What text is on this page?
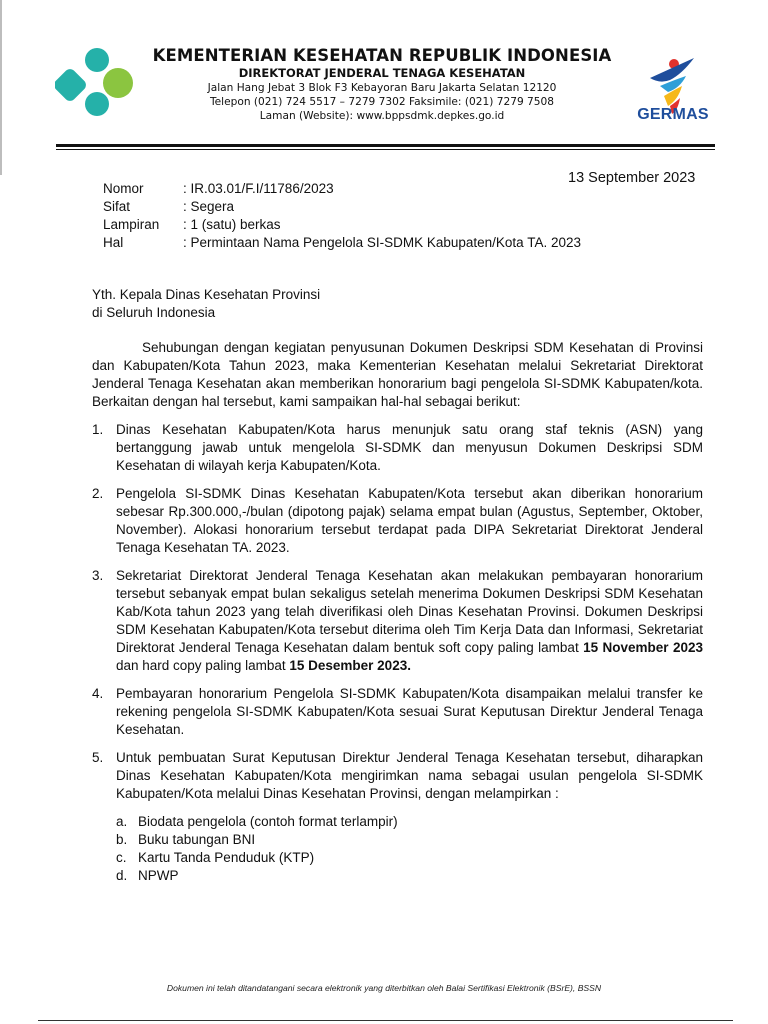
KEMENTERIAN KESEHATAN REPUBLIK INDONESIA
DIREKTORAT JENDERAL TENAGA KESEHATAN
Jalan Hang Jebat 3 Blok F3 Kebayoran Baru Jakarta Selatan 12120
Telepon (021) 724 5517 – 7279 7302 Faksimile: (021) 7279 7508
Laman (Website): www.bppsdmk.depkes.go.id	GERMAS
13 September 2023
Nomor	: IR.03.01/F.I/11786/2023
Sifat	: Segera
Lampiran	: 1 (satu) berkas
Hal	: Permintaan Nama Pengelola SI-SDMK Kabupaten/Kota TA. 2023
Yth. Kepala Dinas Kesehatan Provinsi
di Seluruh Indonesia

Sehubungan dengan kegiatan penyusunan Dokumen Deskripsi SDM Kesehatan di Provinsi dan Kabupaten/Kota Tahun 2023, maka Kementerian Kesehatan melalui Sekretariat Direktorat Jenderal Tenaga Kesehatan akan memberikan honorarium bagi pengelola SI-SDMK Kabupaten/kota. Berkaitan dengan hal tersebut, kami sampaikan hal-hal sebagai berikut:

1. Dinas Kesehatan Kabupaten/Kota harus menunjuk satu orang staf teknis (ASN) yang bertanggung jawab untuk mengelola SI-SDMK dan menyusun Dokumen Deskripsi SDM Kesehatan di wilayah kerja Kabupaten/Kota.
2. Pengelola SI-SDMK Dinas Kesehatan Kabupaten/Kota tersebut akan diberikan honorarium sebesar Rp.300.000,-/bulan (dipotong pajak) selama empat bulan (Agustus, September, Oktober, November). Alokasi honorarium tersebut terdapat pada DIPA Sekretariat Direktorat Jenderal Tenaga Kesehatan TA. 2023.
3. Sekretariat Direktorat Jenderal Tenaga Kesehatan akan melakukan pembayaran honorarium tersebut sebanyak empat bulan sekaligus setelah menerima Dokumen Deskripsi SDM Kesehatan Kab/Kota tahun 2023 yang telah diverifikasi oleh Dinas Kesehatan Provinsi. Dokumen Deskripsi SDM Kesehatan Kabupaten/Kota tersebut diterima oleh Tim Kerja Data dan Informasi, Sekretariat Direktorat Jenderal Tenaga Kesehatan dalam bentuk soft copy paling lambat 15 November 2023 dan hard copy paling lambat 15 Desember 2023.
4. Pembayaran honorarium Pengelola SI-SDMK Kabupaten/Kota disampaikan melalui transfer ke rekening pengelola SI-SDMK Kabupaten/Kota sesuai Surat Keputusan Direktur Jenderal Tenaga Kesehatan.
5. Untuk pembuatan Surat Keputusan Direktur Jenderal Tenaga Kesehatan tersebut, diharapkan Dinas Kesehatan Kabupaten/Kota mengirimkan nama sebagai usulan pengelola SI-SDMK Kabupaten/Kota melalui Dinas Kesehatan Provinsi, dengan melampirkan :
a. Biodata pengelola (contoh format terlampir)
b. Buku tabungan BNI
c. Kartu Tanda Penduduk (KTP)
d. NPWP
Dokumen ini telah ditandatangani secara elektronik yang diterbitkan oleh Balai Sertifikasi Elektronik (BSrE), BSSN
